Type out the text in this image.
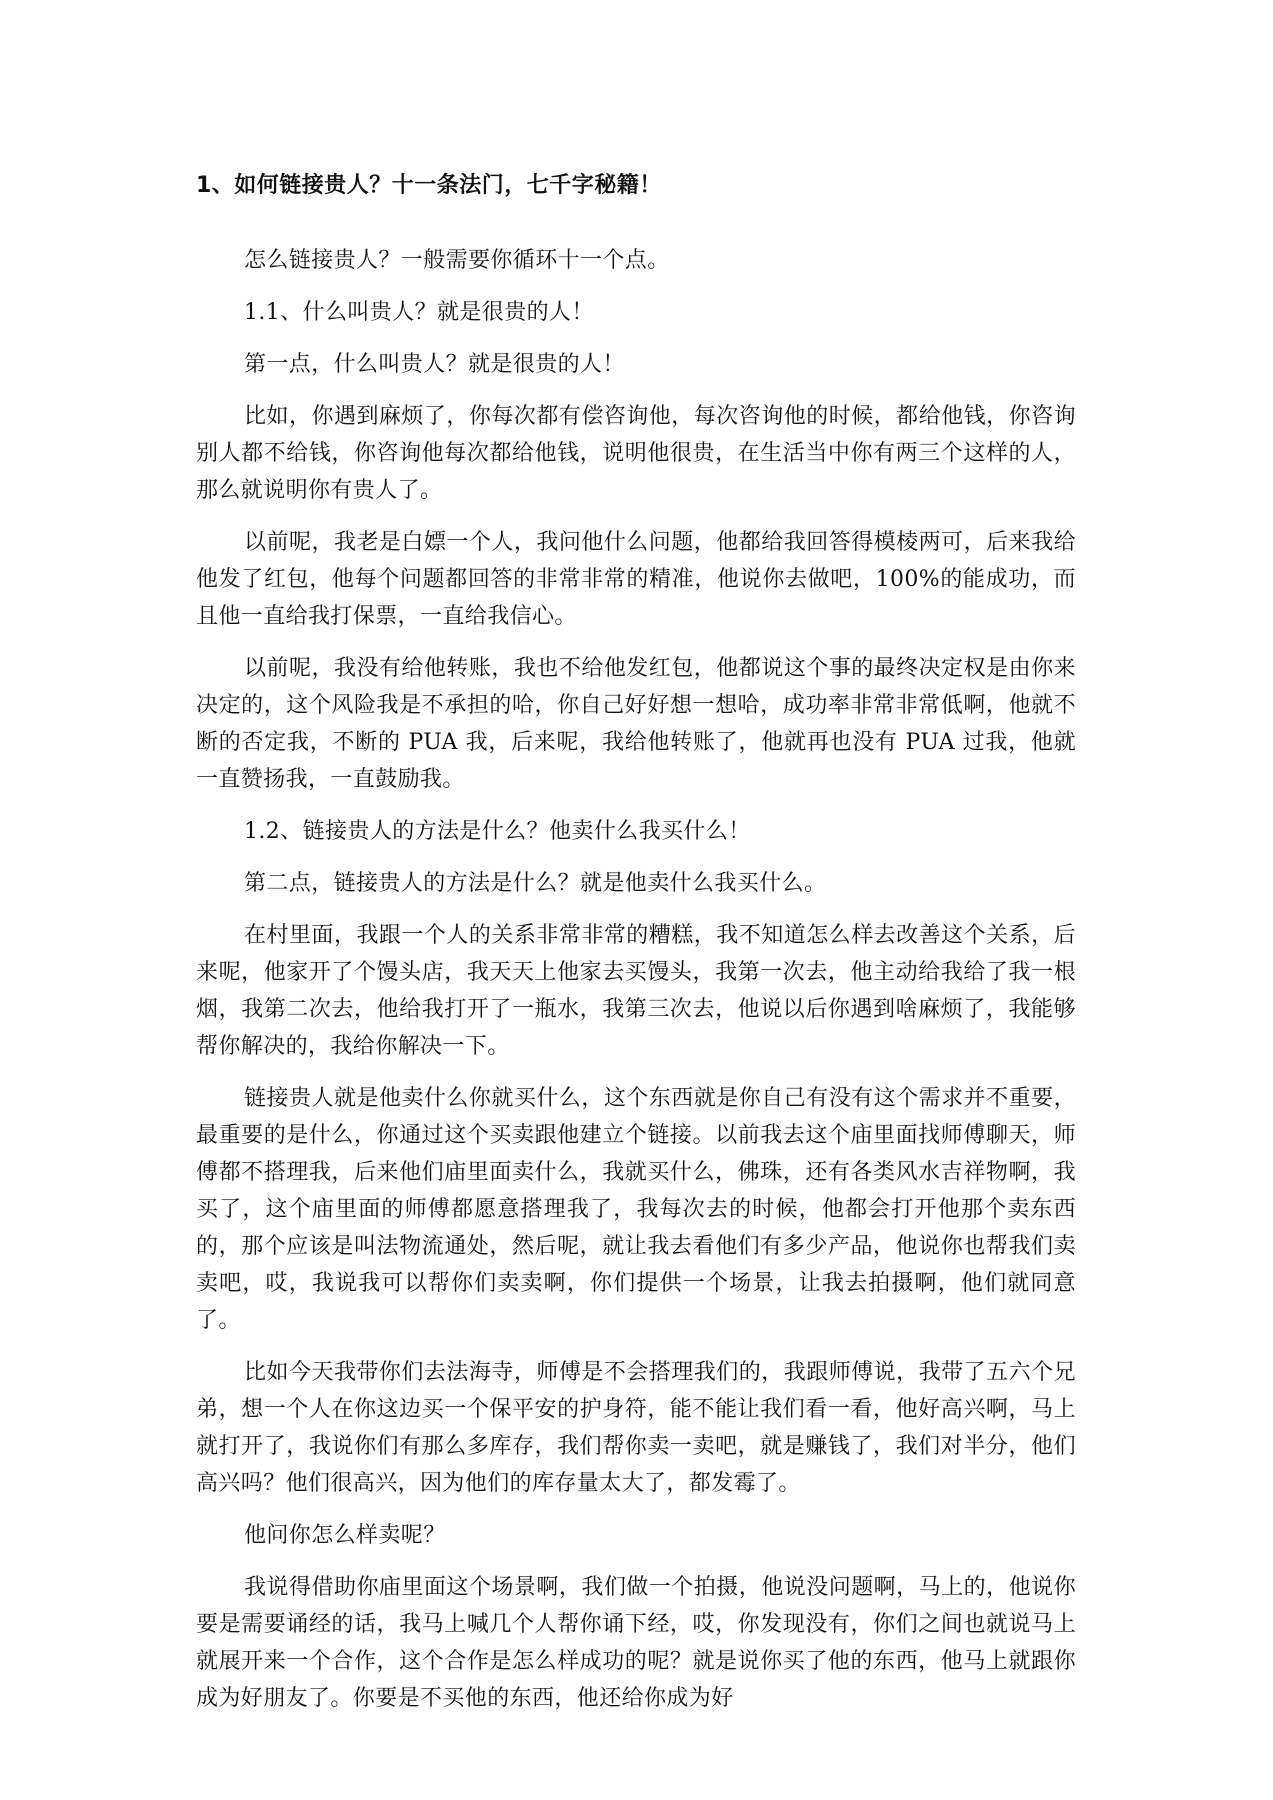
1、如何链接贵人？十一条法门，七千字秘籍！

怎么链接贵人？一般需要你循环十一个点。

1.1、什么叫贵人？就是很贵的人！

第一点，什么叫贵人？就是很贵的人！

比如，你遇到麻烦了，你每次都有偿咨询他，每次咨询他的时候，都给他钱，你咨询别人都不给钱，你咨询他每次都给他钱，说明他很贵，在生活当中你有两三个这样的人，那么就说明你有贵人了。

以前呢，我老是白嫖一个人，我问他什么问题，他都给我回答得模棱两可，后来我给他发了红包，他每个问题都回答的非常非常的精准，他说你去做吧，100%的能成功，而且他一直给我打保票，一直给我信心。

以前呢，我没有给他转账，我也不给他发红包，他都说这个事的最终决定权是由你来决定的，这个风险我是不承担的哈，你自己好好想一想哈，成功率非常非常低啊，他就不断的否定我，不断的 PUA 我，后来呢，我给他转账了，他就再也没有 PUA 过我，他就一直赞扬我，一直鼓励我。

1.2、链接贵人的方法是什么？他卖什么我买什么！

第二点，链接贵人的方法是什么？就是他卖什么我买什么。

在村里面，我跟一个人的关系非常非常的糟糕，我不知道怎么样去改善这个关系，后来呢，他家开了个馒头店，我天天上他家去买馒头，我第一次去，他主动给我给了我一根烟，我第二次去，他给我打开了一瓶水，我第三次去，他说以后你遇到啥麻烦了，我能够帮你解决的，我给你解决一下。

链接贵人就是他卖什么你就买什么，这个东西就是你自己有没有这个需求并不重要，最重要的是什么，你通过这个买卖跟他建立个链接。以前我去这个庙里面找师傅聊天，师傅都不搭理我，后来他们庙里面卖什么，我就买什么，佛珠，还有各类风水吉祥物啊，我买了，这个庙里面的师傅都愿意搭理我了，我每次去的时候，他都会打开他那个卖东西的，那个应该是叫法物流通处，然后呢，就让我去看他们有多少产品，他说你也帮我们卖卖吧，哎，我说我可以帮你们卖卖啊，你们提供一个场景，让我去拍摄啊，他们就同意了。

比如今天我带你们去法海寺，师傅是不会搭理我们的，我跟师傅说，我带了五六个兄弟，想一个人在你这边买一个保平安的护身符，能不能让我们看一看，他好高兴啊，马上就打开了，我说你们有那么多库存，我们帮你卖一卖吧，就是赚钱了，我们对半分，他们高兴吗？他们很高兴，因为他们的库存量太大了，都发霉了。

他问你怎么样卖呢？

我说得借助你庙里面这个场景啊，我们做一个拍摄，他说没问题啊，马上的，他说你要是需要诵经的话，我马上喊几个人帮你诵下经，哎，你发现没有，你们之间也就说马上就展开来一个合作，这个合作是怎么样成功的呢？就是说你买了他的东西，他马上就跟你成为好朋友了。你要是不买他的东西，他还给你成为好
